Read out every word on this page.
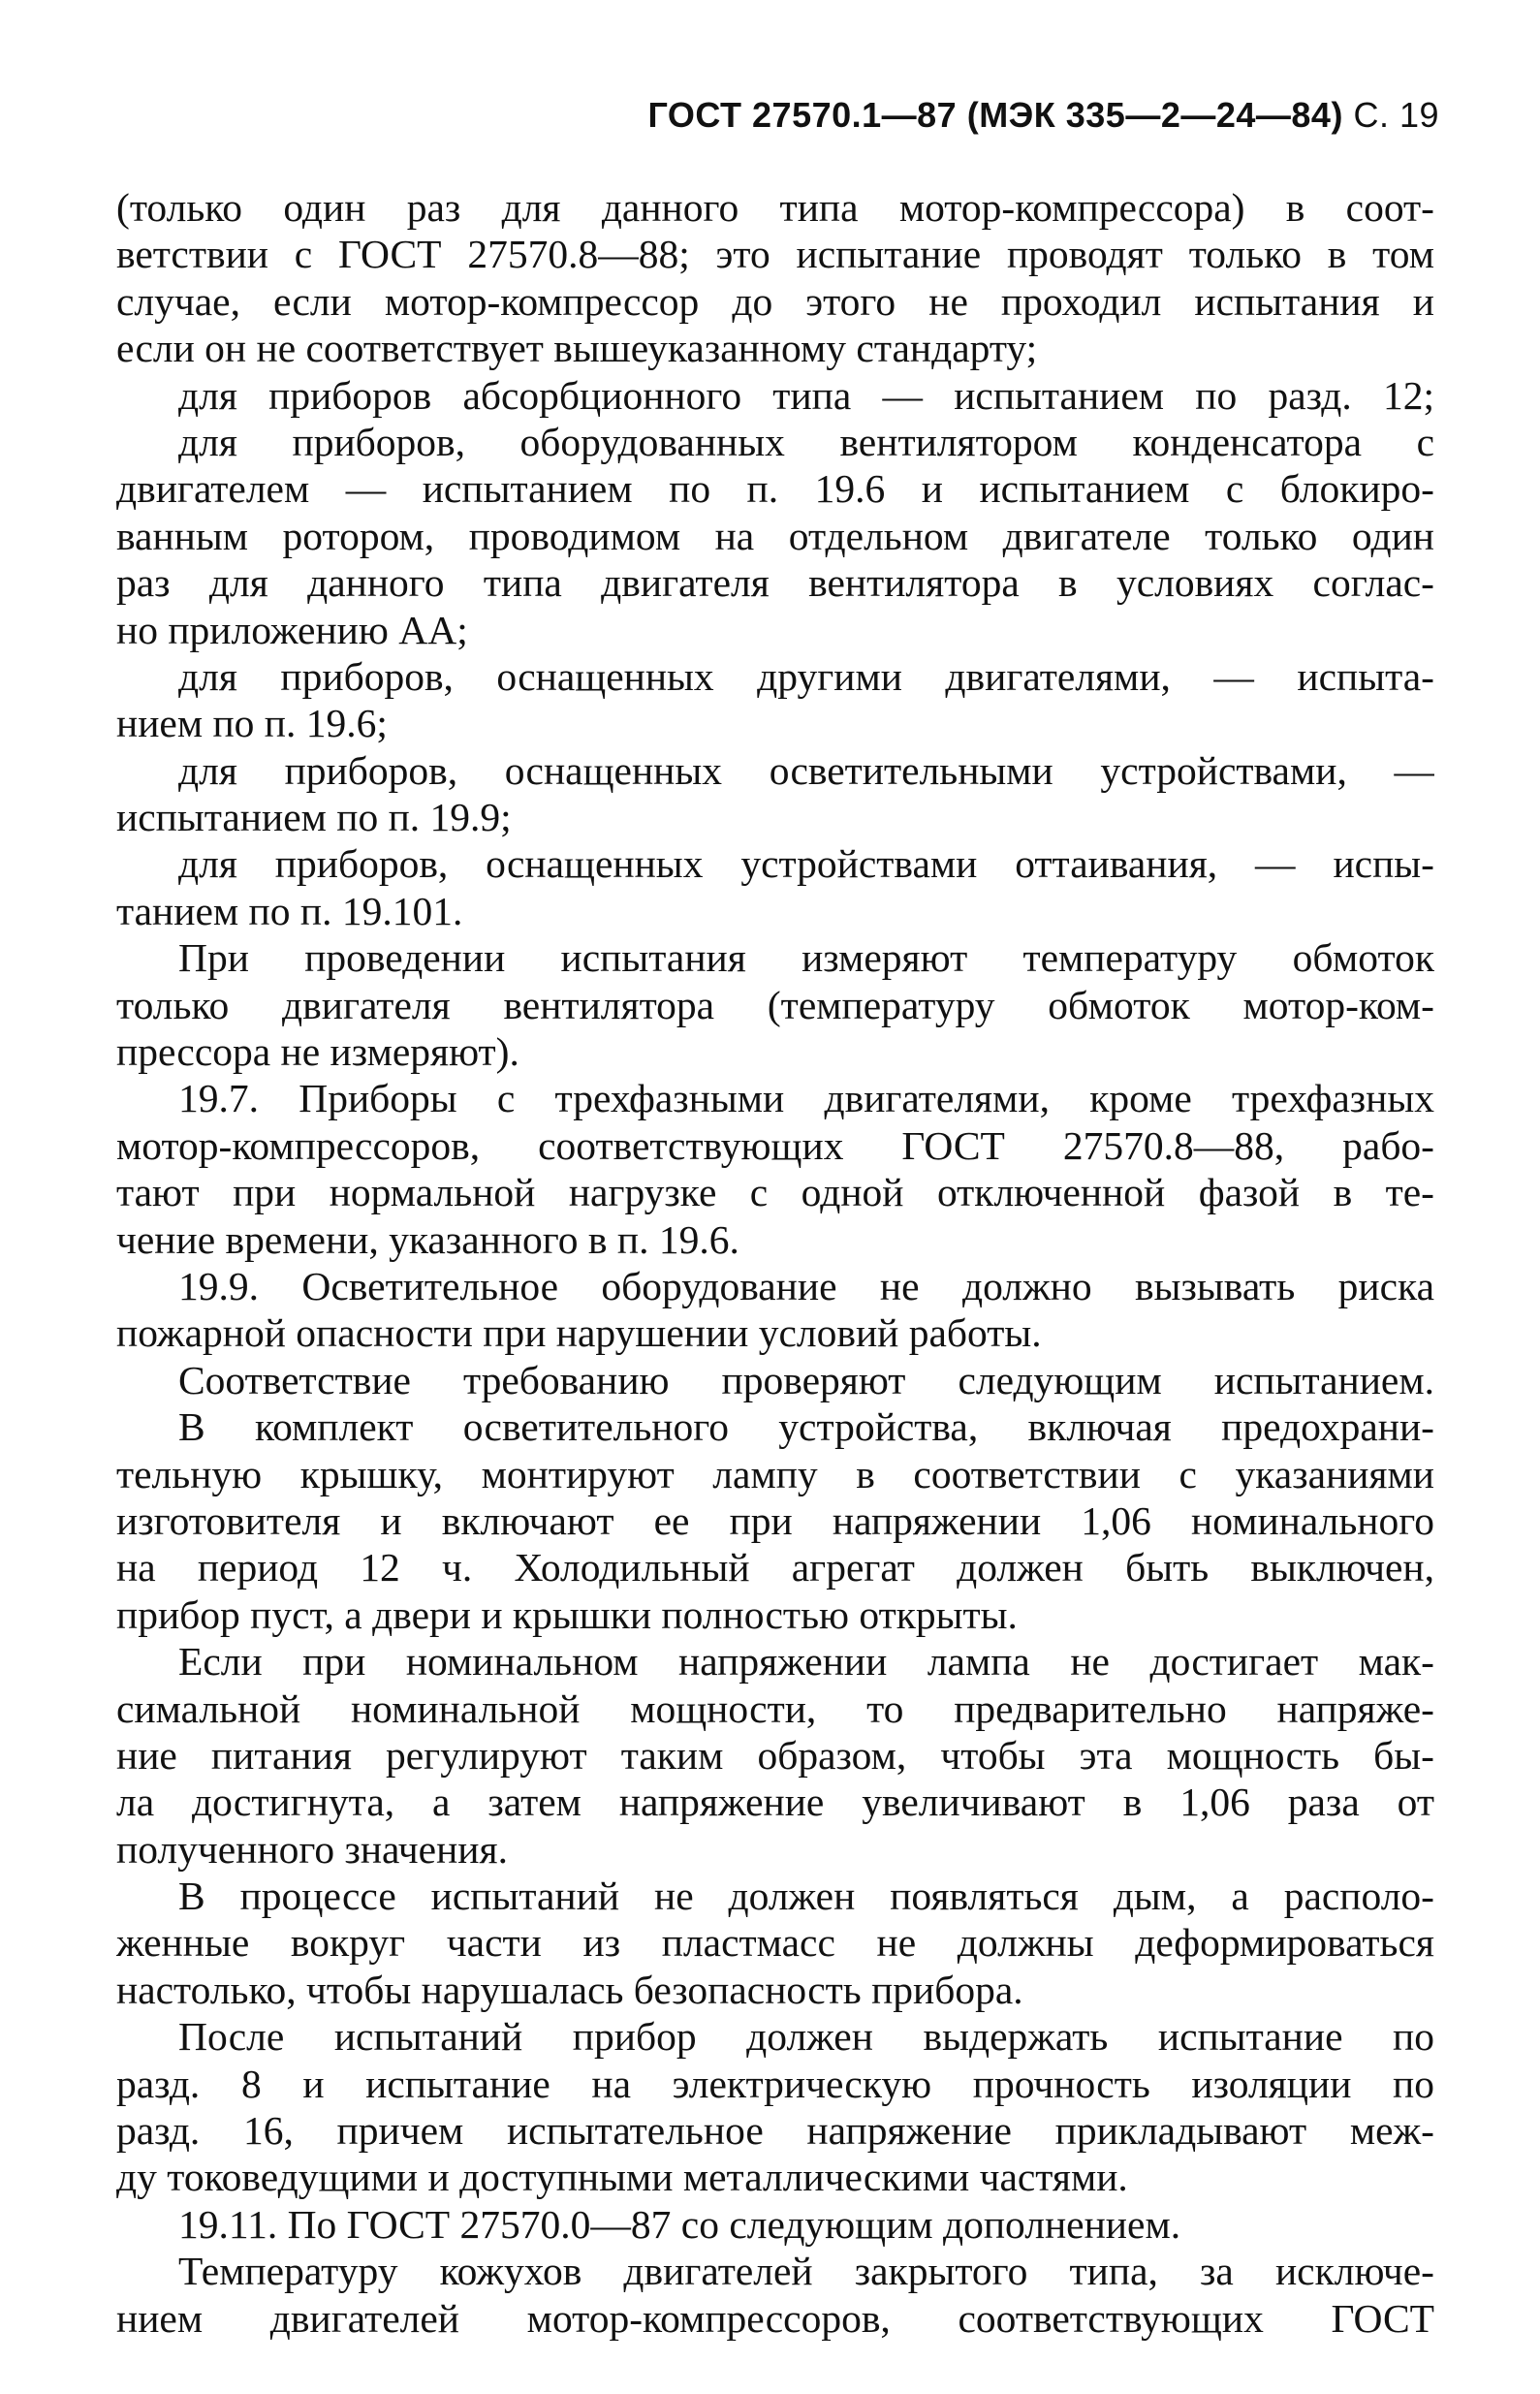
ГОСТ 27570.1—87 (МЭК 335—2—24—84) С. 19
(только один раз для данного типа мотор-компрессора) в соот-
ветствии с ГОСТ 27570.8—88; это испытание проводят только в том
случае, если мотор-компрессор до этого не проходил испытания и
если он не соответствует вышеуказанному стандарту;
для приборов абсорбционного типа — испытанием по разд. 12;
для приборов, оборудованных вентилятором конденсатора с
двигателем — испытанием по п. 19.6 и испытанием с блокиро-
ванным ротором, проводимом на отдельном двигателе только один
раз для данного типа двигателя вентилятора в условиях соглас-
но приложению АА;
для приборов, оснащенных другими двигателями, — испыта-
нием по п. 19.6;
для приборов, оснащенных осветительными устройствами, —
испытанием по п. 19.9;
для приборов, оснащенных устройствами оттаивания, — испы-
танием по п. 19.101.
При проведении испытания измеряют температуру обмоток
только двигателя вентилятора (температуру обмоток мотор-ком-
прессора не измеряют).
19.7. Приборы с трехфазными двигателями, кроме трехфазных
мотор-компрессоров, соответствующих ГОСТ 27570.8—88, рабо-
тают при нормальной нагрузке с одной отключенной фазой в те-
чение времени, указанного в п. 19.6.
19.9. Осветительное оборудование не должно вызывать риска
пожарной опасности при нарушении условий работы.
Соответствие требованию проверяют следующим испытанием.
В комплект осветительного устройства, включая предохрани-
тельную крышку, монтируют лампу в соответствии с указаниями
изготовителя и включают ее при напряжении 1,06 номинального
на период 12 ч. Холодильный агрегат должен быть выключен,
прибор пуст, а двери и крышки полностью открыты.
Если при номинальном напряжении лампа не достигает мак-
симальной номинальной мощности, то предварительно напряже-
ние питания регулируют таким образом, чтобы эта мощность бы-
ла достигнута, а затем напряжение увеличивают в 1,06 раза от
полученного значения.
В процессе испытаний не должен появляться дым, а располо-
женные вокруг части из пластмасс не должны деформироваться
настолько, чтобы нарушалась безопасность прибора.
После испытаний прибор должен выдержать испытание по
разд. 8 и испытание на электрическую прочность изоляции по
разд. 16, причем испытательное напряжение прикладывают меж-
ду токоведущими и доступными металлическими частями.
19.11. По ГОСТ 27570.0—87 со следующим дополнением.
Температуру кожухов двигателей закрытого типа, за исключе-
нием двигателей мотор-компрессоров, соответствующих ГОСТ
